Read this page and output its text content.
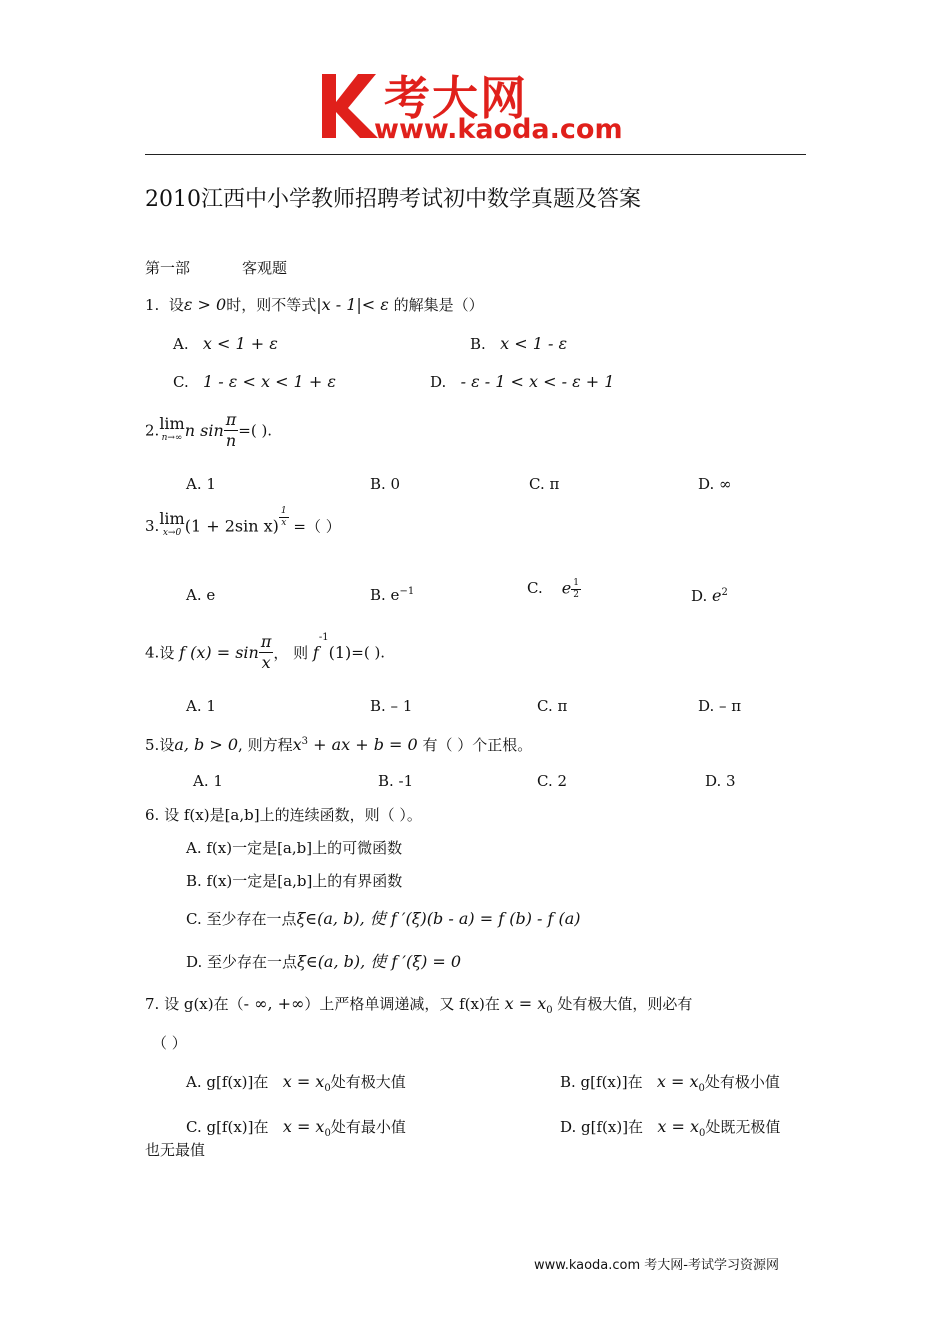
考大网
www.kaoda.com
2010江西中小学教师招聘考试初中数学真题及答案
第一部	客观题
1. 设ε > 0时，则不等式|x - 1|< ε 的解集是（）
A. x < 1 + ε	B. x < 1 - ε
C. 1 - ε < x < 1 + ε	D. - ε - 1 < x < - ε + 1
2. lim
n→∞ n $\sin \frac{\pi}{n}$ =( ).
A. 1	B. 0	C. π	D. ∞
3. lim
x→0 (1 + 2sin $x) \frac{1}{x}$ =（ ）
A. e	B. $e^{-1}$	C. e $\frac{1}{2}$	D. $e^2$
4.设 f $(x) = \sin \frac{\pi}{x}$ ， 则 $f^{-1}(1)=$( ).
A. 1	B. – 1	C. π	D. – π
5.设a, b > 0, 则方程$x^3$ + ax + b = 0 有（ ）个正根。
A. 1	B. -1	C. 2	D. 3
6. 设 f(x)是[a,b]上的连续函数，则（ ）。
A. f(x)一定是[a,b]上的可微函数
B. f(x)一定是[a,b]上的有界函数
C. 至少存在一点ξ∈(a, b), 使 f ′(ξ)(b - a) = f (b) - f (a)
D. 至少存在一点ξ∈(a, b), 使 f ′(ξ) = 0
7. 设 g(x)在（- ∞, +∞）上严格单调递减，又 f(x)在 $x = x_0$ 处有极大值，则必有
（ ）
A. g[f(x)]在 $x = x_0$处有极大值	B. g[f(x)]在 $x = x_0$处有极小值
C. g[f(x)]在 $x = x_0$处有最小值	D. g[f(x)]在 $x = x_0$处既无极值
也无最值
www.kaoda.com 考大网-考试学习资源网
